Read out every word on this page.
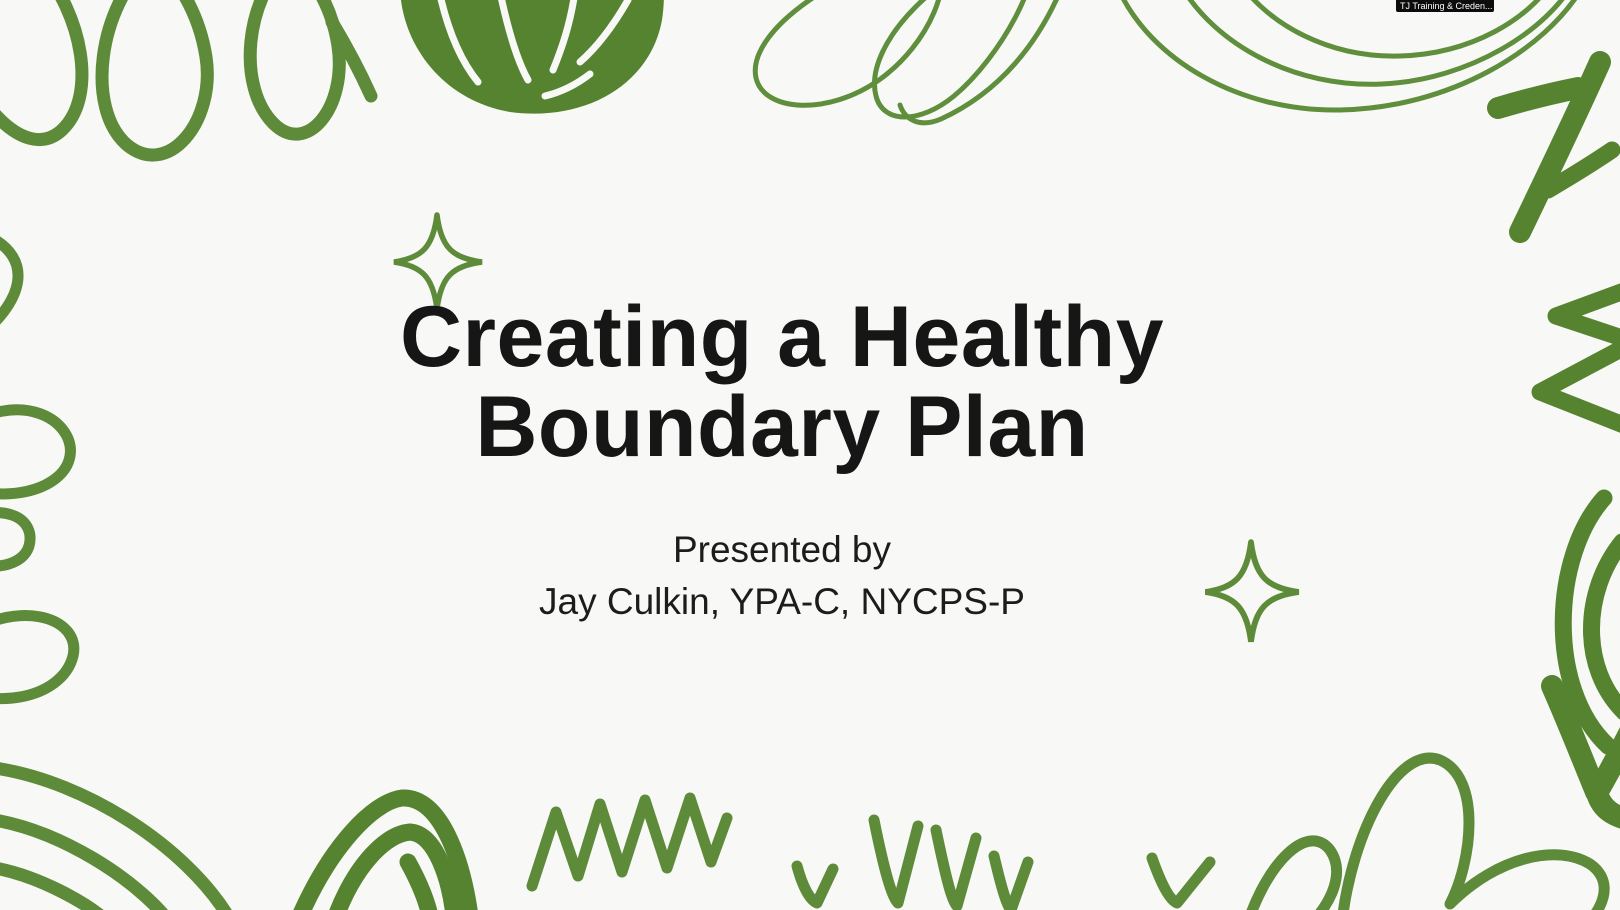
Creating a Healthy
Boundary Plan
Presented by
Jay Culkin, YPA-C, NYCPS-P
TJ Training & Creden...
